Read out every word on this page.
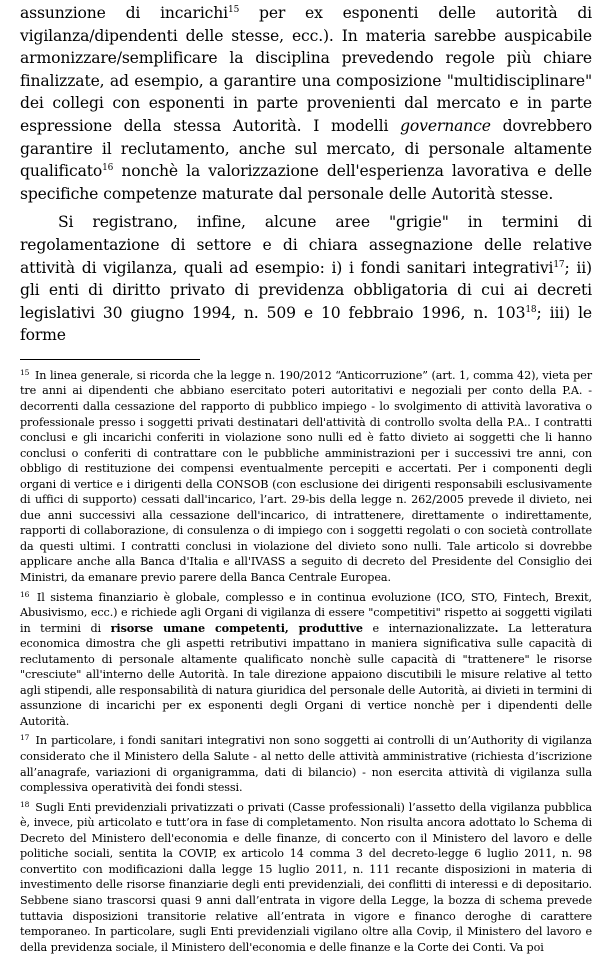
assunzione di incarichi$^{15}$ per ex esponenti delle autorità di vigilanza/dipendenti delle stesse, ecc.). In materia sarebbe auspicabile armonizzare/semplificare la disciplina prevedendo regole più chiare finalizzate, ad esempio, a garantire una composizione "multidisciplinare" dei collegi con esponenti in parte provenienti dal mercato e in parte espressione della stessa Autorità. I modelli governance dovrebbero garantire il reclutamento, anche sul mercato, di personale altamente qualificato$^{16}$ nonchè la valorizzazione dell'esperienza lavorativa e delle specifiche competenze maturate dal personale delle Autorità stesse.

Si registrano, infine, alcune aree "grigie" in termini di regolamentazione di settore e di chiara assegnazione delle relative attività di vigilanza, quali ad esempio: i) i fondi sanitari integrativi$^{17}$; ii) gli enti di diritto privato di previdenza obbligatoria di cui ai decreti legislativi 30 giugno 1994, n. 509 e 10 febbraio 1996, n. $103^{18}$; iii) le forme

$^{15}$ In linea generale, si ricorda che la legge n. 190/2012 “Anticorruzione” (art. 1, comma 42), vieta per tre anni ai dipendenti che abbiano esercitato poteri autoritativi e negoziali per conto della P.A. - decorrenti dalla cessazione del rapporto di pubblico impiego - lo svolgimento di attività lavorativa o professionale presso i soggetti privati destinatari dell'attività di controllo svolta della P.A.. I contratti conclusi e gli incarichi conferiti in violazione sono nulli ed è fatto divieto ai soggetti che li hanno conclusi o conferiti di contrattare con le pubbliche amministrazioni per i successivi tre anni, con obbligo di restituzione dei compensi eventualmente percepiti e accertati. Per i componenti degli organi di vertice e i dirigenti della CONSOB (con esclusione dei dirigenti responsabili esclusivamente di uffici di supporto) cessati dall'incarico, l’art. 29-bis della legge n. 262/2005 prevede il divieto, nei due anni successivi alla cessazione dell'incarico, di intrattenere, direttamente o indirettamente, rapporti di collaborazione, di consulenza o di impiego con i soggetti regolati o con società controllate da questi ultimi. I contratti conclusi in violazione del divieto sono nulli. Tale articolo si dovrebbe applicare anche alla Banca d'Italia e all'IVASS a seguito di decreto del Presidente del Consiglio dei Ministri, da emanare previo parere della Banca Centrale Europea.

$^{16}$ Il sistema finanziario è globale, complesso e in continua evoluzione (ICO, STO, Fintech, Brexit, Abusivismo, ecc.) e richiede agli Organi di vigilanza di essere "competitivi" rispetto ai soggetti vigilati in termini di risorse umane competenti, produttive e internazionalizzate. La letteratura economica dimostra che gli aspetti retributivi impattano in maniera significativa sulle capacità di reclutamento di personale altamente qualificato nonchè sulle capacità di "trattenere" le risorse "cresciute" all'interno delle Autorità. In tale direzione appaiono discutibili le misure relative al tetto agli stipendi, alle responsabilità di natura giuridica del personale delle Autorità, ai divieti in termini di assunzione di incarichi per ex esponenti degli Organi di vertice nonchè per i dipendenti delle Autorità.

$^{17}$ In particolare, i fondi sanitari integrativi non sono soggetti ai controlli di un’Authority di vigilanza considerato che il Ministero della Salute - al netto delle attività amministrative (richiesta d’iscrizione all’anagrafe, variazioni di organigramma, dati di bilancio) - non esercita attività di vigilanza sulla complessiva operatività dei fondi stessi.

$^{18}$ Sugli Enti previdenziali privatizzati o privati (Casse professionali) l’assetto della vigilanza pubblica è, invece, più articolato e tutt’ora in fase di completamento. Non risulta ancora adottato lo Schema di Decreto del Ministero dell'economia e delle finanze, di concerto con il Ministero del lavoro e delle politiche sociali, sentita la COVIP, ex articolo 14 comma 3 del decreto-legge 6 luglio 2011, n. 98 convertito con modificazioni dalla legge 15 luglio 2011, n. 111 recante disposizioni in materia di investimento delle risorse finanziarie degli enti previdenziali, dei conflitti di interessi e di depositario. Sebbene siano trascorsi quasi 9 anni dall’entrata in vigore della Legge, la bozza di schema prevede tuttavia disposizioni transitorie relative all’entrata in vigore e financo deroghe di carattere temporaneo. In particolare, sugli Enti previdenziali vigilano oltre alla Covip, il Ministero del lavoro e della previdenza sociale, il Ministero dell'economia e delle finanze e la Corte dei Conti. Va poi
